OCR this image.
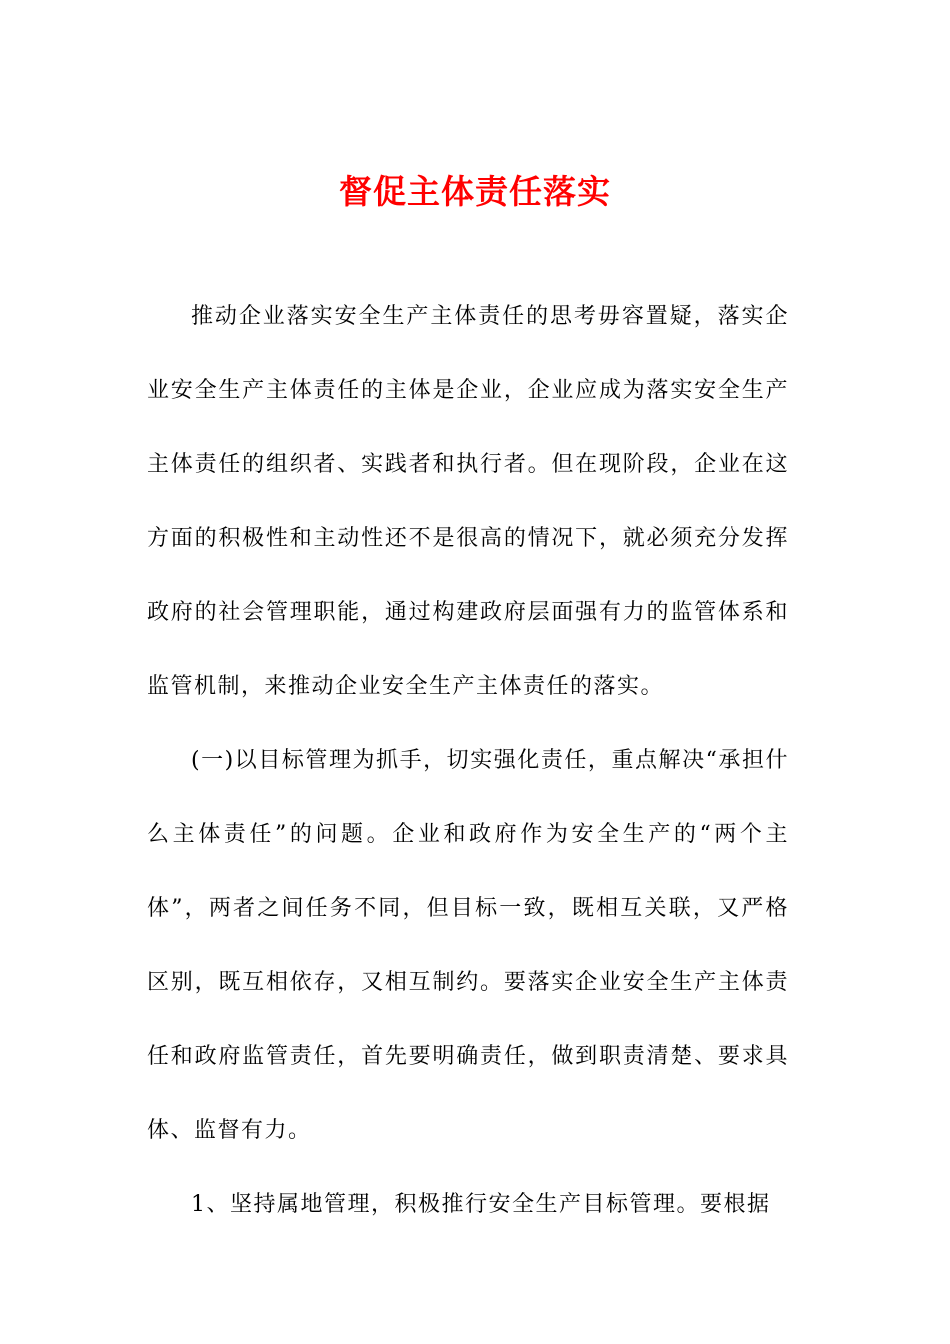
督促主体责任落实

推动企业落实安全生产主体责任的思考毋容置疑，落实企业安全生产主体责任的主体是企业，企业应成为落实安全生产主体责任的组织者、实践者和执行者。但在现阶段，企业在这方面的积极性和主动性还不是很高的情况下，就必须充分发挥政府的社会管理职能，通过构建政府层面强有力的监管体系和监管机制，来推动企业安全生产主体责任的落实。

(一)以目标管理为抓手，切实强化责任，重点解决“承担什么主体责任”的问题。企业和政府作为安全生产的“两个主体”，两者之间任务不同，但目标一致，既相互关联，又严格区别，既互相依存，又相互制约。要落实企业安全生产主体责任和政府监管责任，首先要明确责任，做到职责清楚、要求具体、监督有力。

1、坚持属地管理，积极推行安全生产目标管理。要根据
